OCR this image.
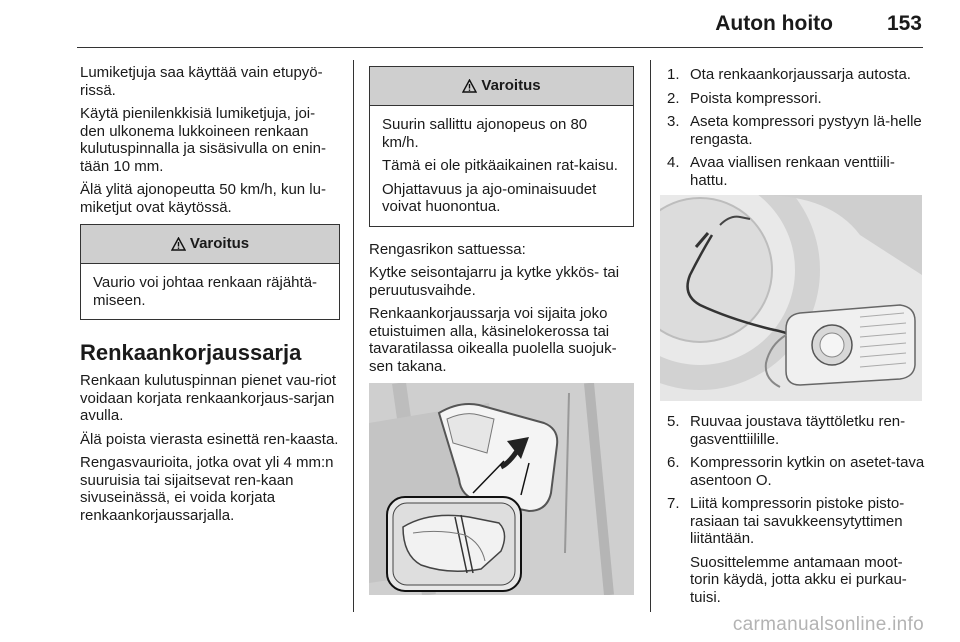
Auton hoito	153

Lumiketjuja saa käyttää vain etupyö-rissä.

Käytä pienilenkkisiä lumiketjuja, joi-den ulkonema lukkoineen renkaan kulutuspinnalla ja sisäsivulla on enin-tään 10 mm.

Älä ylitä ajonopeutta 50 km/h, kun lu-miketjut ovat käytössä.

Varoitus

Vaurio voi johtaa renkaan räjähtä-miseen.

Renkaankorjaussarja

Renkaan kulutuspinnan pienet vau-riot voidaan korjata renkaankorjaus-sarjan avulla.

Älä poista vierasta esinettä ren-kaasta.

Rengasvaurioita, jotka ovat yli 4 mm:n suuruisia tai sijaitsevat ren-kaan sivuseinässä, ei voida korjata renkaankorjaussarjalla.

Varoitus

Suurin sallittu ajonopeus on 80 km/h.

Tämä ei ole pitkäaikainen rat-kaisu.

Ohjattavuus ja ajo-ominaisuudet voivat huonontua.

Rengasrikon sattuessa:

Kytke seisontajarru ja kytke ykkös- tai peruutusvaihde.

Renkaankorjaussarja voi sijaita joko etuistuimen alla, käsinelokerossa tai tavaratilassa oikealla puolella suojuk-sen takana.

1. Ota renkaankorjaussarja autosta.
2. Poista kompressori.
3. Aseta kompressori pystyyn lä-helle rengasta.
4. Avaa viallisen renkaan venttiili-hattu.
5. Ruuvaa joustava täyttöletku ren-gasventtiilille.
6. Kompressorin kytkin on asetet-tava asentoon O.
7. Liitä kompressorin pistoke pisto-rasiaan tai savukkeensytyttimen liitäntään.

Suosittelemme antamaan moot-torin käydä, jotta akku ei purkau-tuisi.

carmanualsonline.info
